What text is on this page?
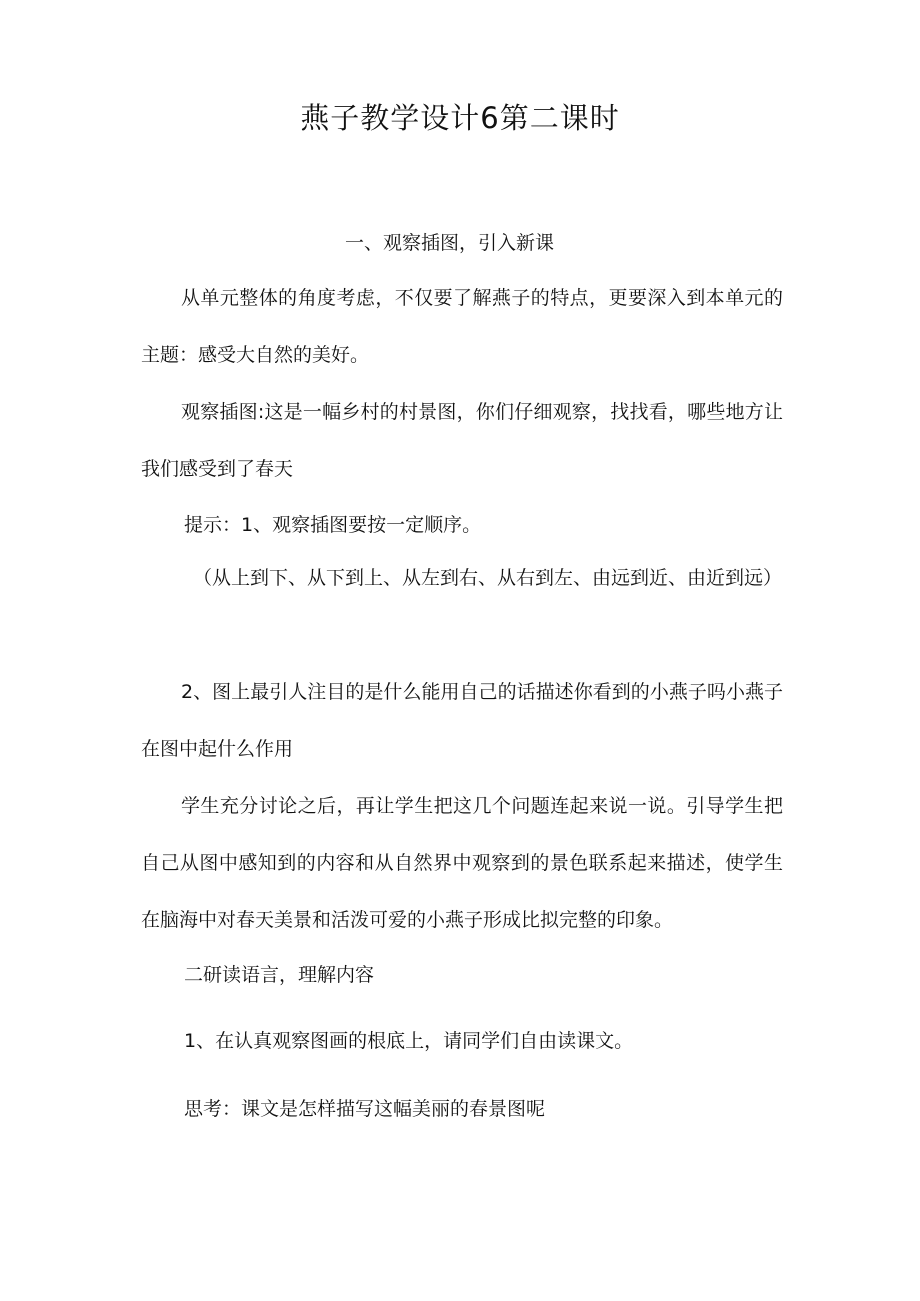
燕子教学设计6第二课时

一、观察插图，引入新课

从单元整体的角度考虑，不仅要了解燕子的特点，更要深入到本单元的主题：感受大自然的美好。

观察插图:这是一幅乡村的村景图，你们仔细观察，找找看，哪些地方让我们感受到了春天

提示：1、观察插图要按一定顺序。

（从上到下、从下到上、从左到右、从右到左、由远到近、由近到远）

2、图上最引人注目的是什么能用自己的话描述你看到的小燕子吗小燕子在图中起什么作用

学生充分讨论之后，再让学生把这几个问题连起来说一说。引导学生把自己从图中感知到的内容和从自然界中观察到的景色联系起来描述，使学生在脑海中对春天美景和活泼可爱的小燕子形成比拟完整的印象。

二研读语言，理解内容

1、在认真观察图画的根底上，请同学们自由读课文。

思考：课文是怎样描写这幅美丽的春景图呢
